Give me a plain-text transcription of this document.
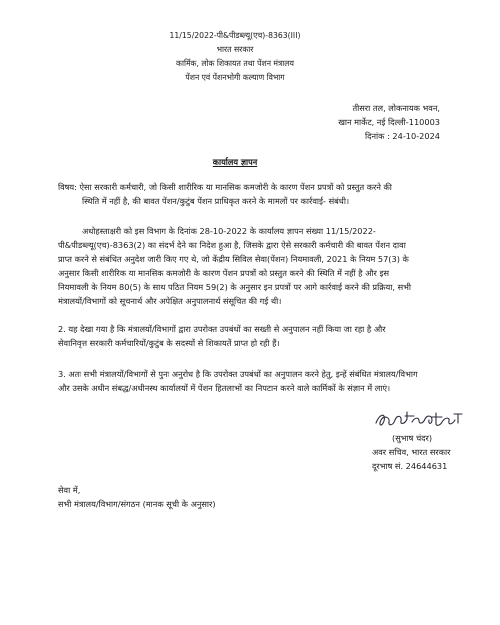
11/15/2022-पी&पीडब्ल्यू(एच)-8363(III)
भारत सरकार
कार्मिक, लोक शिकायत तथा पेंशन मंत्रालय
पेंशन एवं पेंशनभोगी कल्याण विभाग
तीसरा तल, लोकनायक भवन,
खान मार्केट, नई दिल्ली-110003
दिनांक : 24-10-2024
कार्यालय ज्ञापन
विषय: ऐसा सरकारी कर्मचारी, जो किसी शारीरिक या मानसिक कमजोरी के कारण पेंशन प्रपत्रों को प्रस्तुत करने की
स्थिति में नहीं है, की बावत पेंशन/कुटुंब पेंशन प्राधिकृत करने के मामलों पर कार्रवाई- संबंधी।
अधोहस्ताक्षरी को इस विभाग के दिनांक 28-10-2022 के कार्यालय ज्ञापन संख्या 11/15/2022-
पी&पीडब्ल्यू(एच)-8363(2) का संदर्भ देने का निदेश हुआ है, जिसके द्वारा ऐसे सरकारी कर्मचारी की बावत पेंशन दावा
प्राप्त करने से संबंधित अनुदेश जारी किए गए थे, जो केंद्रीय सिविल सेवा(पेंशन) नियमावली, 2021 के नियम 57(3) के
अनुसार किसी शारीरिक या मानसिक कमजोरी के कारण पेंशन प्रपत्रों को प्रस्तुत करने की स्थिति में नहीं है और इस
नियमावली के नियम 80(5) के साथ पठित नियम 59(2) के अनुसार इन प्रपत्रों पर आगे कार्रवाई करने की प्रक्रिया, सभी
मंत्रालयों/विभागों को सूचनार्थ और अपेक्षित अनुपालनार्थ संसूचित की गई थी।
2. यह देखा गया है कि मंत्रालयों/विभागों द्वारा उपरोक्त उपबंधों का सख्ती से अनुपालन नहीं किया जा रहा है और
सेवानिवृत्त सरकारी कर्मचारियों/कुटुंब के सदस्यों से शिकायतें प्राप्त हो रही हैं।
3. अतः सभी मंत्रालयों/विभागों से पुनः अनुरोध है कि उपरोक्त उपबंधों का अनुपालन करने हेतु, इन्हें संबंधित मंत्रालय/विभाग
और उसके अधीन संबद्ध/अधीनस्थ कार्यालयों में पेंशन हितलाभों का निपटान करने वाले कार्मिकों के संज्ञान में लाएं।
(सुभाष चंदर)
अवर सचिव, भारत सरकार
दूरभाष सं. 24644631
सेवा में,
सभी मंत्रालय/विभाग/संगठन (मानक सूची के अनुसार)
